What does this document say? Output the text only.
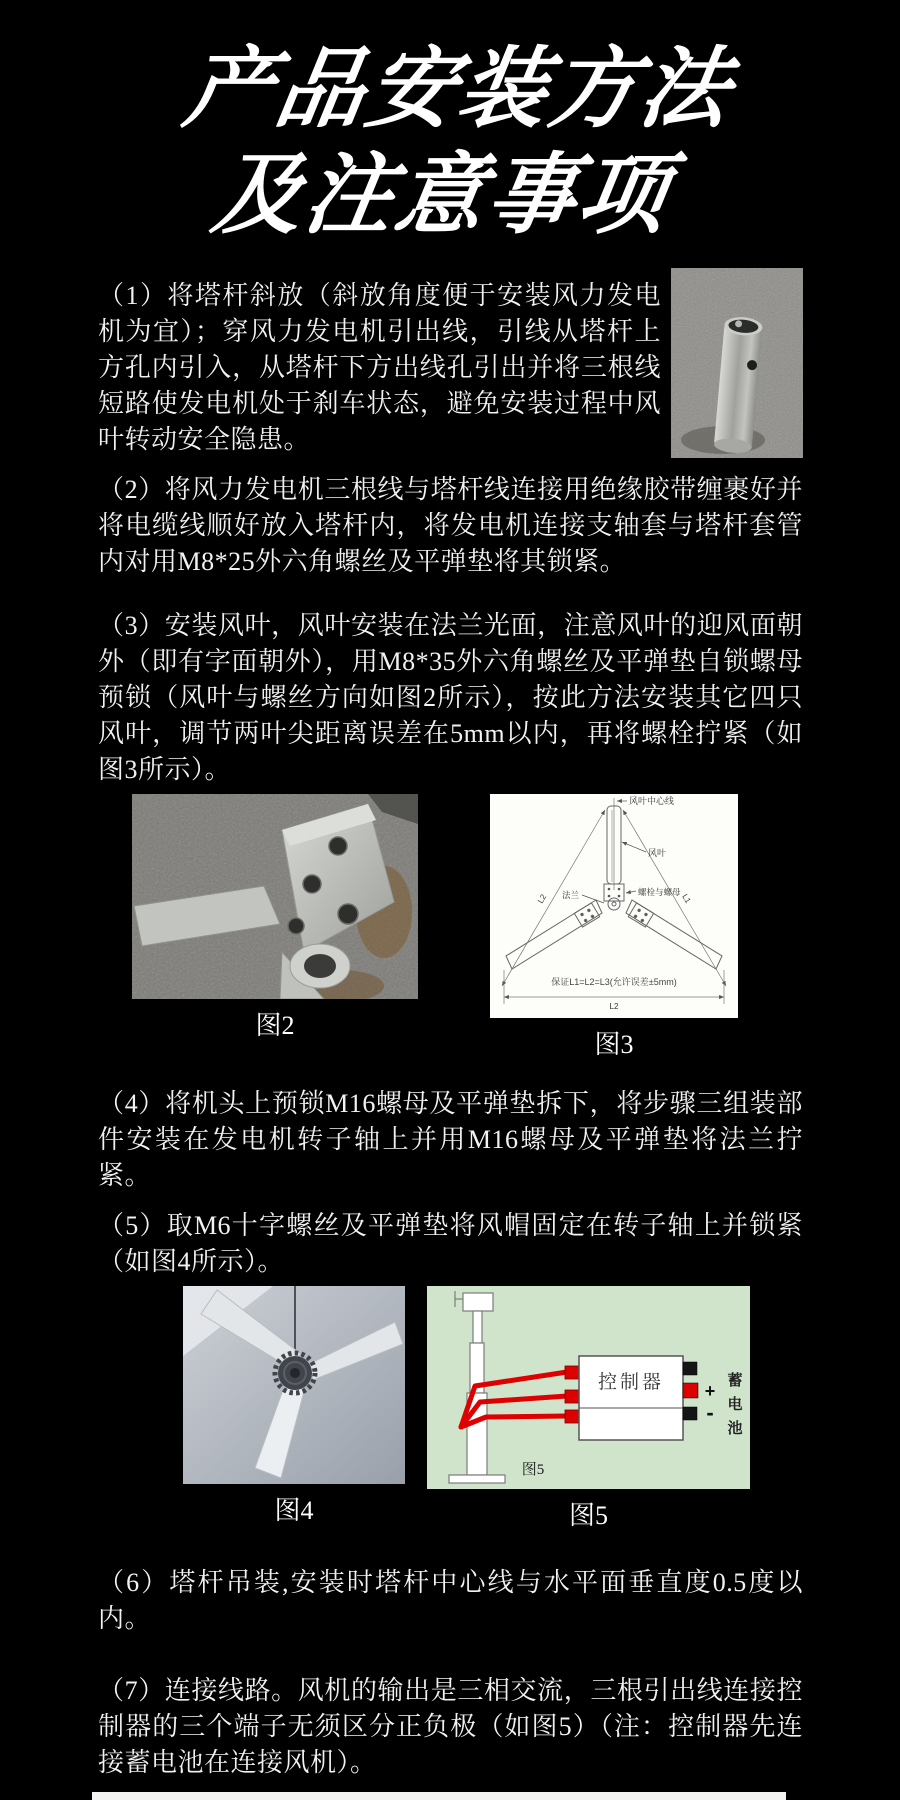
产品安装方法
及注意事项

（1）将塔杆斜放（斜放角度便于安装风力发电机为宜）；穿风力发电机引出线，引线从塔杆上方孔内引入，从塔杆下方出线孔引出并将三根线短路使发电机处于刹车状态，避免安装过程中风叶转动安全隐患。

（2）将风力发电机三根线与塔杆线连接用绝缘胶带缠裹好并将电缆线顺好放入塔杆内，将发电机连接支轴套与塔杆套管内对用M8*25外六角螺丝及平弹垫将其锁紧。

（3）安装风叶，风叶安装在法兰光面，注意风叶的迎风面朝外（即有字面朝外），用M8*35外六角螺丝及平弹垫自锁螺母预锁（风叶与螺丝方向如图2所示），按此方法安装其它四只风叶，调节两叶尖距离误差在5mm以内，再将螺栓拧紧（如图3所示）。

图2
风叶中心线
风叶
螺栓与螺母
法兰
保证L1=L2=L3(允许误差±5mm)
L2
L2	L1
图3

（4）将机头上预锁M16螺母及平弹垫拆下，将步骤三组装部件安装在发电机转子轴上并用M16螺母及平弹垫将法兰拧紧。

（5）取M6十字螺丝及平弹垫将风帽固定在转子轴上并锁紧（如图4所示）。

图4
控制器 +
-
蓄
电
池
图5
图5

（6）塔杆吊装,安装时塔杆中心线与水平面垂直度0.5度以内。

（7）连接线路。风机的输出是三相交流，三根引出线连接控制器的三个端子无须区分正负极（如图5）（注：控制器先连接蓄电池在连接风机）。
